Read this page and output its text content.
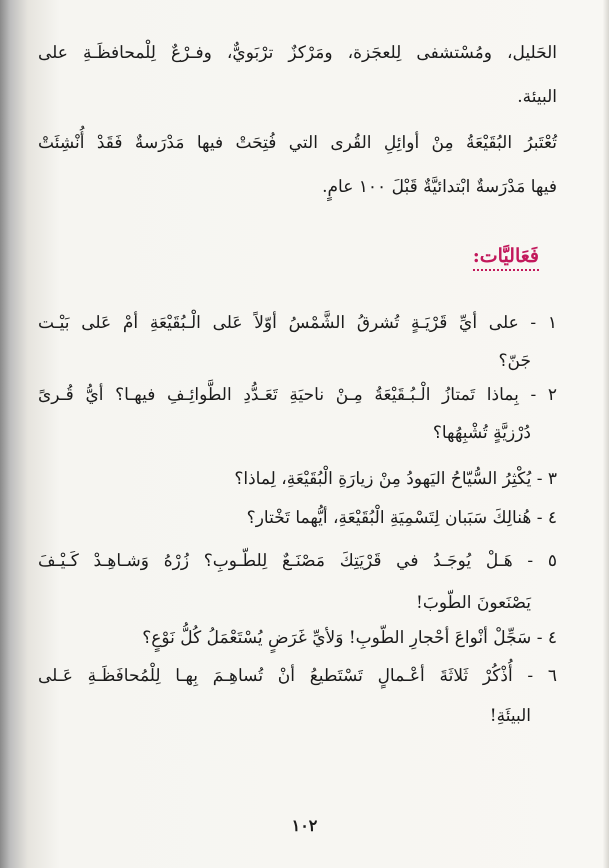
الحَليل، ومُسْتشفى لِلعجَزة، ومَرْكزٌ ترْبَويٌّ، وفـرْعٌ لِلْمحافظَـةِ على
البيئة.
تُعْتَبرُ البُقَيْعَةُ مِنْ أوائِلِ القُرى التي فُتِحَتْ فيها مَدْرَسةٌ فَقَدْ أُنْشِئَتْ
فيها مَدْرَسةٌ ابْتدائيَّةٌ قَبْلَ ١٠٠ عامٍ.
فَعَاليَّات:
١ - على أيِّ قَرْيَـةٍ تُشرقُ الشَّمْسُ أوّلاً عَلى الْـبُقَيْعَةِ أمْ عَلى بَيْـت
جَنّ؟
٢ - بِماذا تَمتازُ الْـبُـقَيْعَةُ مِـنْ ناحيَةِ تَعَـدُّدِ الطَّوائِـفِ فيهـا؟ أيُّ قُـرىً
دُرْزيَّةٍ تُشْبِهُها؟
٣ - يُكْثِرُ السُّيّاحُ اليَهودُ مِنْ زيارَةِ الْبُقَيْعَةِ، لِماذا؟
٤ - هُنالِكَ سَبَبان لِتَسْمِيَةِ الْبُقَيْعَةِ، أيُّهما تَخْتار؟
٥ - هَـلْ يُوجَـدُ في قَرْيَتِكَ مَصْنَـعٌ لِلطّـوبِ؟ زُرْهُ وَشـاهِـدْ كَـيْـفَ
يَصْنَعونَ الطّوبَ!
٤ - سَجِّلْ أنْواعَ أحْجارِ الطّوبِ! وَلأيِّ غَرَضٍ يُسْتَعْمَلُ كُلُّ نَوْعٍ؟
٦ - أُذْكُرْ ثَلاثَةَ أعْـمالٍ تَسْتَطيعُ أنْ تُساهِـمَ بِهـا لِلْمُحافَظَـةِ عَـلى
البيئَةِ!
١٠٢
